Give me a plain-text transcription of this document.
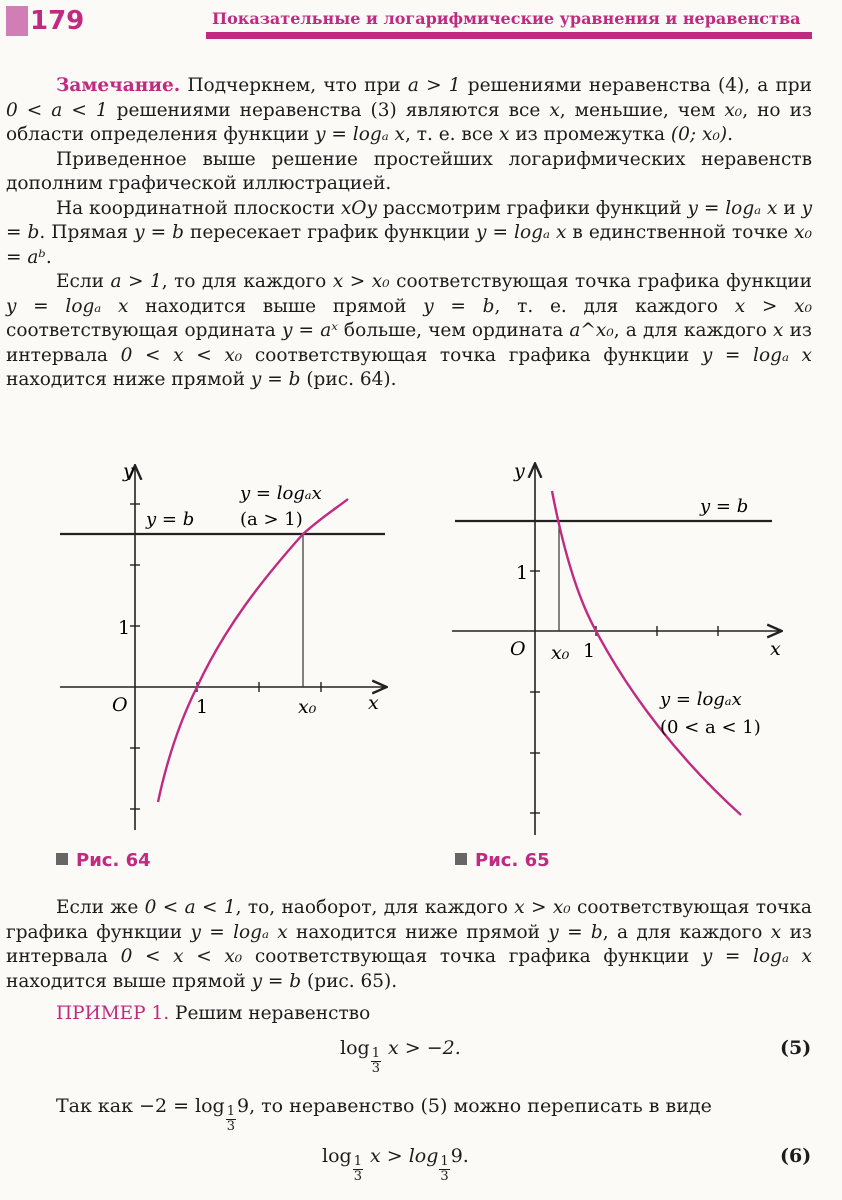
179	Показательные и логарифмические уравнения и неравенства

Замечание. Подчеркнем, что при a > 1 решениями неравенства (4), а при 0 < a < 1 решениями неравенства (3) являются все x, меньшие, чем x₀, но из области определения функции y = logₐ x, т. е. все x из промежутка (0; x₀).

Приведенное выше решение простейших логарифмических неравенств дополним графической иллюстрацией.

На координатной плоскости xOy рассмотрим графики функций y = logₐ x и y = b. Прямая y = b пересекает график функции y = logₐ x в единственной точке x₀ = aᵇ.

Если a > 1, то для каждого x > x₀ соответствующая точка графика функции y = logₐ x находится выше прямой y = b, т. е. для каждого x > x₀ соответствующая ордината y = aˣ больше, чем ордината a^x₀, а для каждого x из интервала 0 < x < x₀ соответствующая точка графика функции y = logₐ x находится ниже прямой y = b (рис. 64).

y
x
O	1
1
x₀
y = b
y = logₐx
(a > 1)
Рис. 64
y
x
O	1
1
x₀
y = b
y = logₐx
(0 < a < 1)
Рис. 65

Если же 0 < a < 1, то, наоборот, для каждого x > x₀ соответствующая точка графика функции y = logₐ x находится ниже прямой y = b, а для каждого x из интервала 0 < x < x₀ соответствующая точка графика функции y = logₐ x находится выше прямой y = b (рис. 65).

ПРИМЕР 1. Решим неравенство

$\log \frac{1}{3}$ x > −2.	(5)
Так как $-2 = \log \frac{1}{3} 9$, то неравенство (5) можно переписать в виде
$\log \frac{1}{3}$ $x > \log \frac{1}{3} 9$.	(6)
